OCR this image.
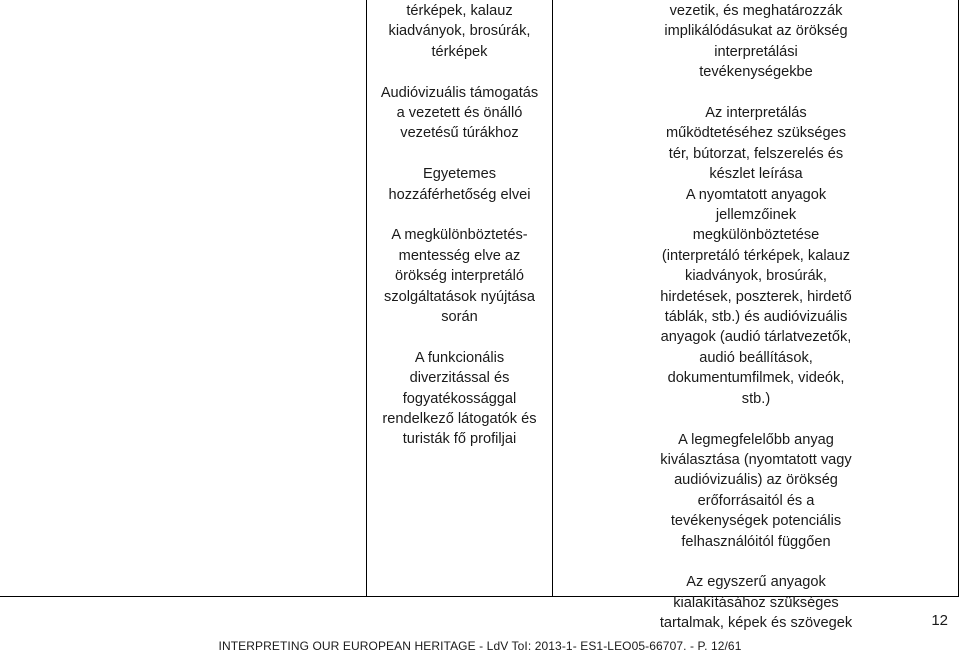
térképek, kalauz
kiadványok, brosúrák,
térképek
Audióvizuális támogatás
a vezetett és önálló
vezetésű túrákhoz
Egyetemes
hozzáférhetőség elvei
A megkülönböztetés-
mentesség elve az
örökség interpretáló
szolgáltatások nyújtása
során
A funkcionális
diverzitással és
fogyatékossággal
rendelkező látogatók és
turisták fő profiljai
vezetik, és meghatározzák
implikálódásukat az örökség
interpretálási
tevékenységekbe
Az interpretálás
működtetéséhez szükséges
tér, bútorzat, felszerelés és
készlet leírása
A nyomtatott anyagok
jellemzőinek
megkülönböztetése
(interpretáló térképek, kalauz
kiadványok, brosúrák,
hirdetések, poszterek, hirdető
táblák, stb.) és audióvizuális
anyagok (audió tárlatvezetők,
audió beállítások,
dokumentumfilmek, videók,
stb.)
A legmegfelelőbb anyag
kiválasztása (nyomtatott vagy
audióvizuális) az örökség
erőforrásaitól és a
tevékenységek potenciális
felhasználóitól függően
Az egyszerű anyagok
kialakításához szükséges
tartalmak, képek és szövegek	12
INTERPRETING OUR EUROPEAN HERITAGE - LdV ToI: 2013-1- ES1-LEO05-66707. - P. 12/61
